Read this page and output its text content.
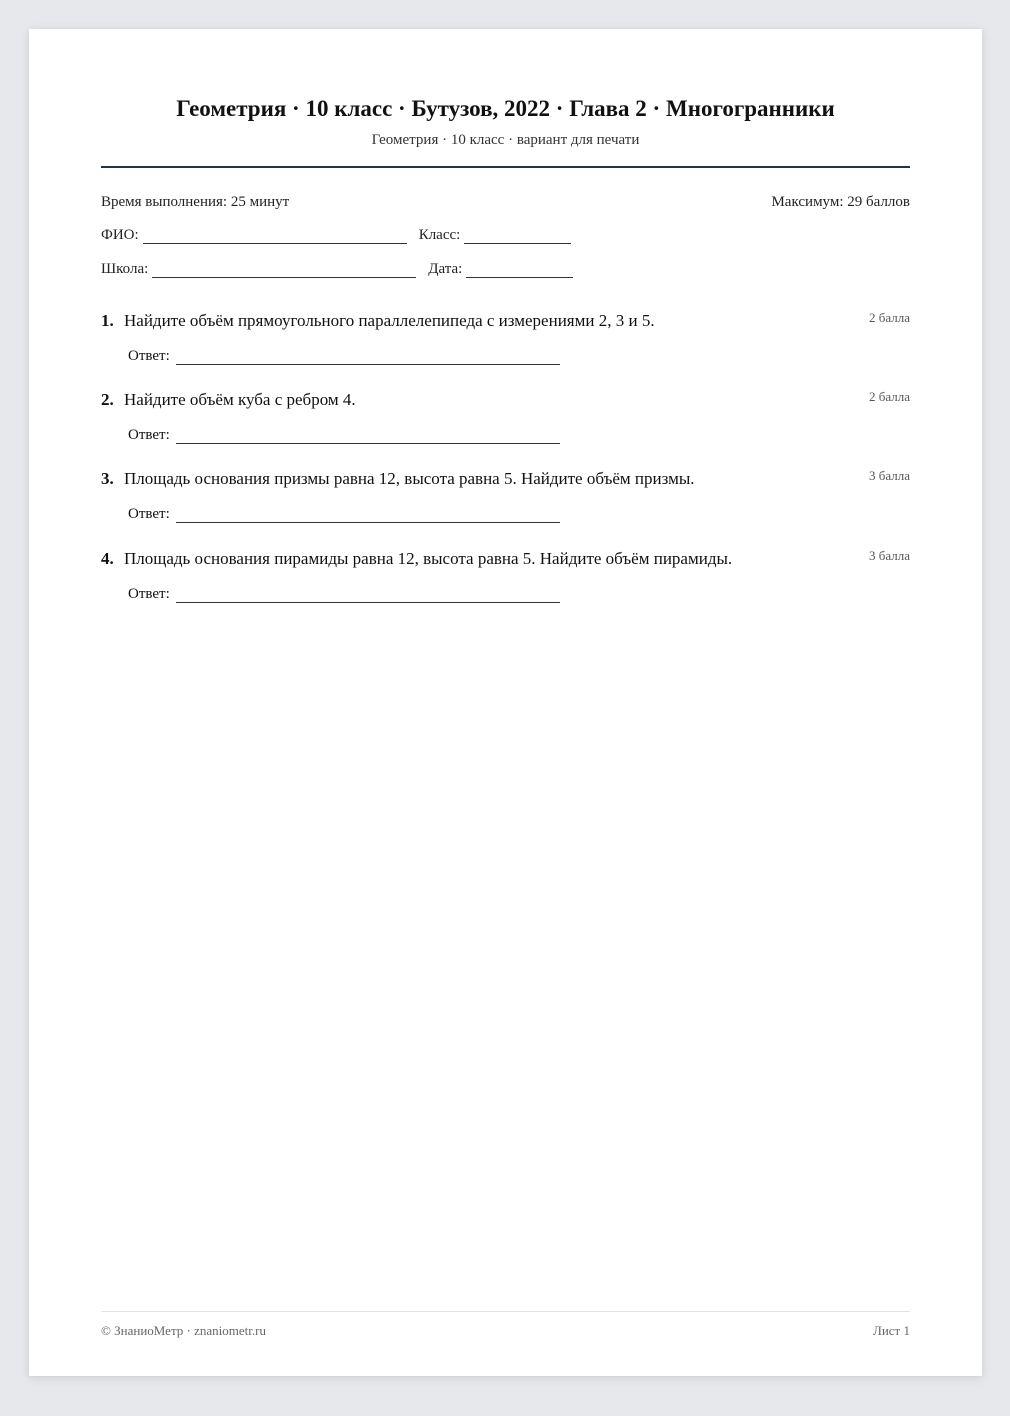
Геометрия · 10 класс · Бутузов, 2022 · Глава 2 · Многогранники
Геометрия · 10 класс · вариант для печати
Время выполнения: 25 минут	Максимум: 29 баллов
ФИО:	Класс:
Школа:	Дата:
1. Найдите объём прямоугольного параллелепипеда с измерениями 2, 3 и 5.	2 балла
Ответ:
2. Найдите объём куба с ребром 4.	2 балла
Ответ:
3. Площадь основания призмы равна 12, высота равна 5. Найдите объём призмы.	3 балла
Ответ:
4. Площадь основания пирамиды равна 12, высота равна 5. Найдите объём пирамиды.	3 балла
Ответ:
© ЗнаниоМетр · znaniometr.ru	Лист 1
